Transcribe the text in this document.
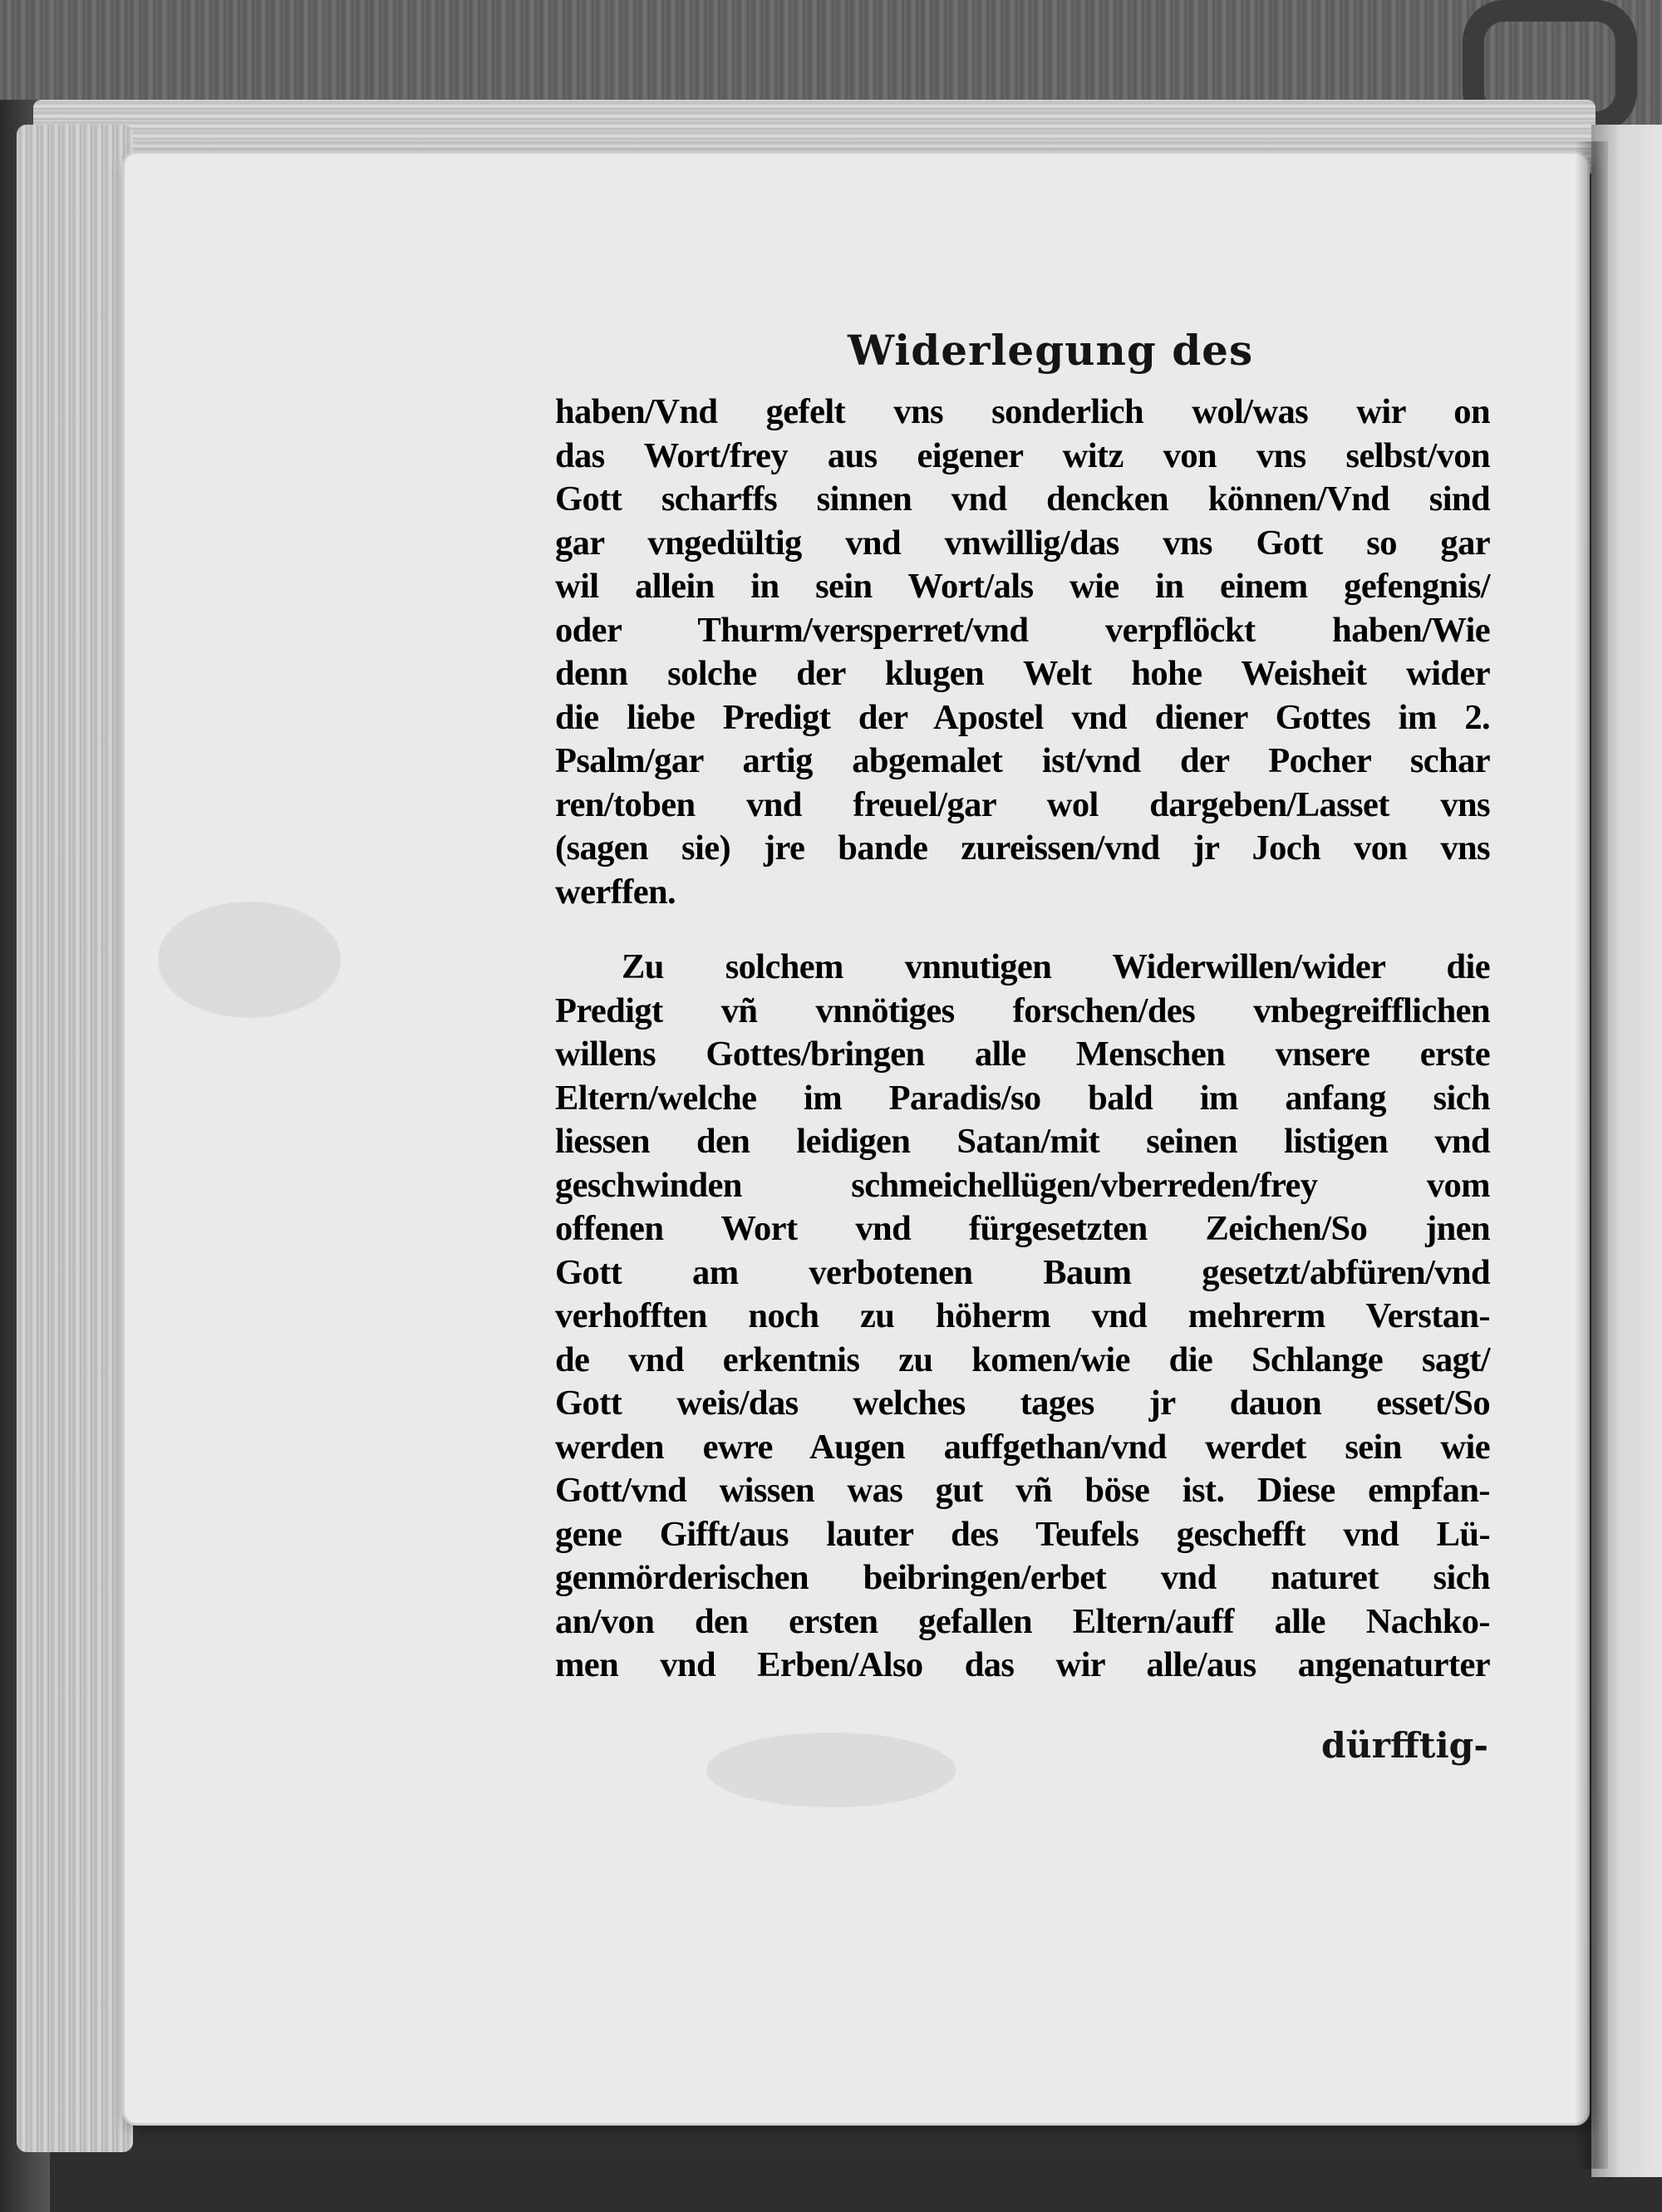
Widerlegung des
haben/Vnd gefelt vns sonderlich wol/was wir on
das Wort/frey aus eigener witz von vns selbst/von
Gott scharffs sinnen vnd dencken können/Vnd sind
gar vngedültig vnd vnwillig/das vns Gott so gar
wil allein in sein Wort/als wie in einem gefengnis/
oder Thurm/versperret/vnd verpflöckt haben/Wie
denn solche der klugen Welt hohe Weisheit wider
die liebe Predigt der Apostel vnd diener Gottes im 2.
Psalm/gar artig abgemalet ist/vnd der Pocher schar
ren/toben vnd freuel/gar wol dargeben/Lasset vns
(sagen sie) jre bande zureissen/vnd jr Joch von vns
werffen.
Zu solchem vnnutigen Widerwillen/wider die
Predigt vñ vnnötiges forschen/des vnbegreifflichen
willens Gottes/bringen alle Menschen vnsere erste
Eltern/welche im Paradis/so bald im anfang sich
liessen den leidigen Satan/mit seinen listigen vnd
geschwinden schmeichellügen/vberreden/frey vom
offenen Wort vnd fürgesetzten Zeichen/So jnen
Gott am verbotenen Baum gesetzt/abfüren/vnd
verhofften noch zu höherm vnd mehrerm Verstan-
de vnd erkentnis zu komen/wie die Schlange sagt/
Gott weis/das welches tages jr dauon esset/So
werden ewre Augen auffgethan/vnd werdet sein wie
Gott/vnd wissen was gut vñ böse ist. Diese empfan-
gene Gifft/aus lauter des Teufels geschefft vnd Lü-
genmörderischen beibringen/erbet vnd naturet sich
an/von den ersten gefallen Eltern/auff alle Nachko-
men vnd Erben/Also das wir alle/aus angenaturter
dürfftig-
